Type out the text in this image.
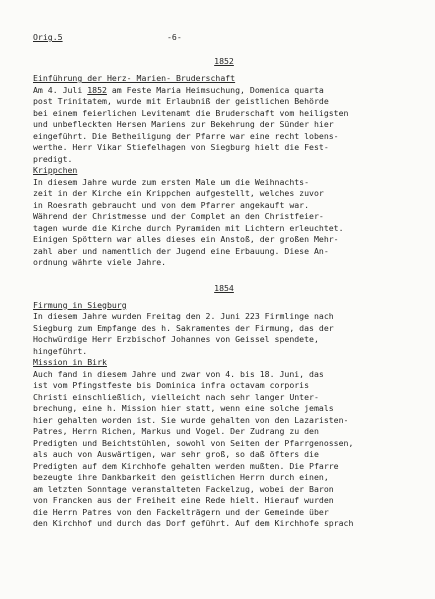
Orig.5	-6-
1852
Einführung der Herz- Marien- Bruderschaft
Am 4. Juli 1852 am Feste Maria Heimsuchung, Domenica quarta
post Trinitatem, wurde mit Erlaubniß der geistlichen Behörde
bei einem feierlichen Levitenamt die Bruderschaft vom heiligsten
und unbefleckten Hersen Mariens zur Bekehrung der Sünder hier
eingeführt. Die Betheiligung der Pfarre war eine recht lobens-
werthe. Herr Vikar Stiefelhagen von Siegburg hielt die Fest-
predigt.
Krippchen
In diesem Jahre wurde zum ersten Male um die Weihnachts-
zeit in der Kirche ein Krippchen aufgestellt, welches zuvor
in Roesrath gebraucht und von dem Pfarrer angekauft war.
Während der Christmesse und der Complet an den Christfeier-
tagen wurde die Kirche durch Pyramiden mit Lichtern erleuchtet.
Einigen Spöttern war alles dieses ein Anstoß, der großen Mehr-
zahl aber und namentlich der Jugend eine Erbauung. Diese An-
ordnung währte viele Jahre.
1854
Firmung in Siegburg
In diesem Jahre wurden Freitag den 2. Juni 223 Firmlinge nach
Siegburg zum Empfange des h. Sakramentes der Firmung, das der
Hochwürdige Herr Erzbischof Johannes von Geissel spendete,
hingeführt.
Mission in Birk
Auch fand in diesem Jahre und zwar von 4. bis 18. Juni, das
ist vom Pfingstfeste bis Dominica infra octavam corporis
Christi einschließlich, vielleicht nach sehr langer Unter-
brechung, eine h. Mission hier statt, wenn eine solche jemals
hier gehalten worden ist. Sie wurde gehalten von den Lazaristen-
Patres, Herrn Richen, Markus und Vogel. Der Zudrang zu den
Predigten und Beichtstühlen, sowohl von Seiten der Pfarrgenossen,
als auch von Auswärtigen, war sehr groß, so daß öfters die
Predigten auf dem Kirchhofe gehalten werden mußten. Die Pfarre
bezeugte ihre Dankbarkeit den geistlichen Herrn durch einen,
am letzten Sonntage veranstalteten Fackelzug, wobei der Baron
von Francken aus der Freiheit eine Rede hielt. Hierauf wurden
die Herrn Patres von den Fackelträgern und der Gemeinde über
den Kirchhof und durch das Dorf geführt. Auf dem Kirchhofe sprach
